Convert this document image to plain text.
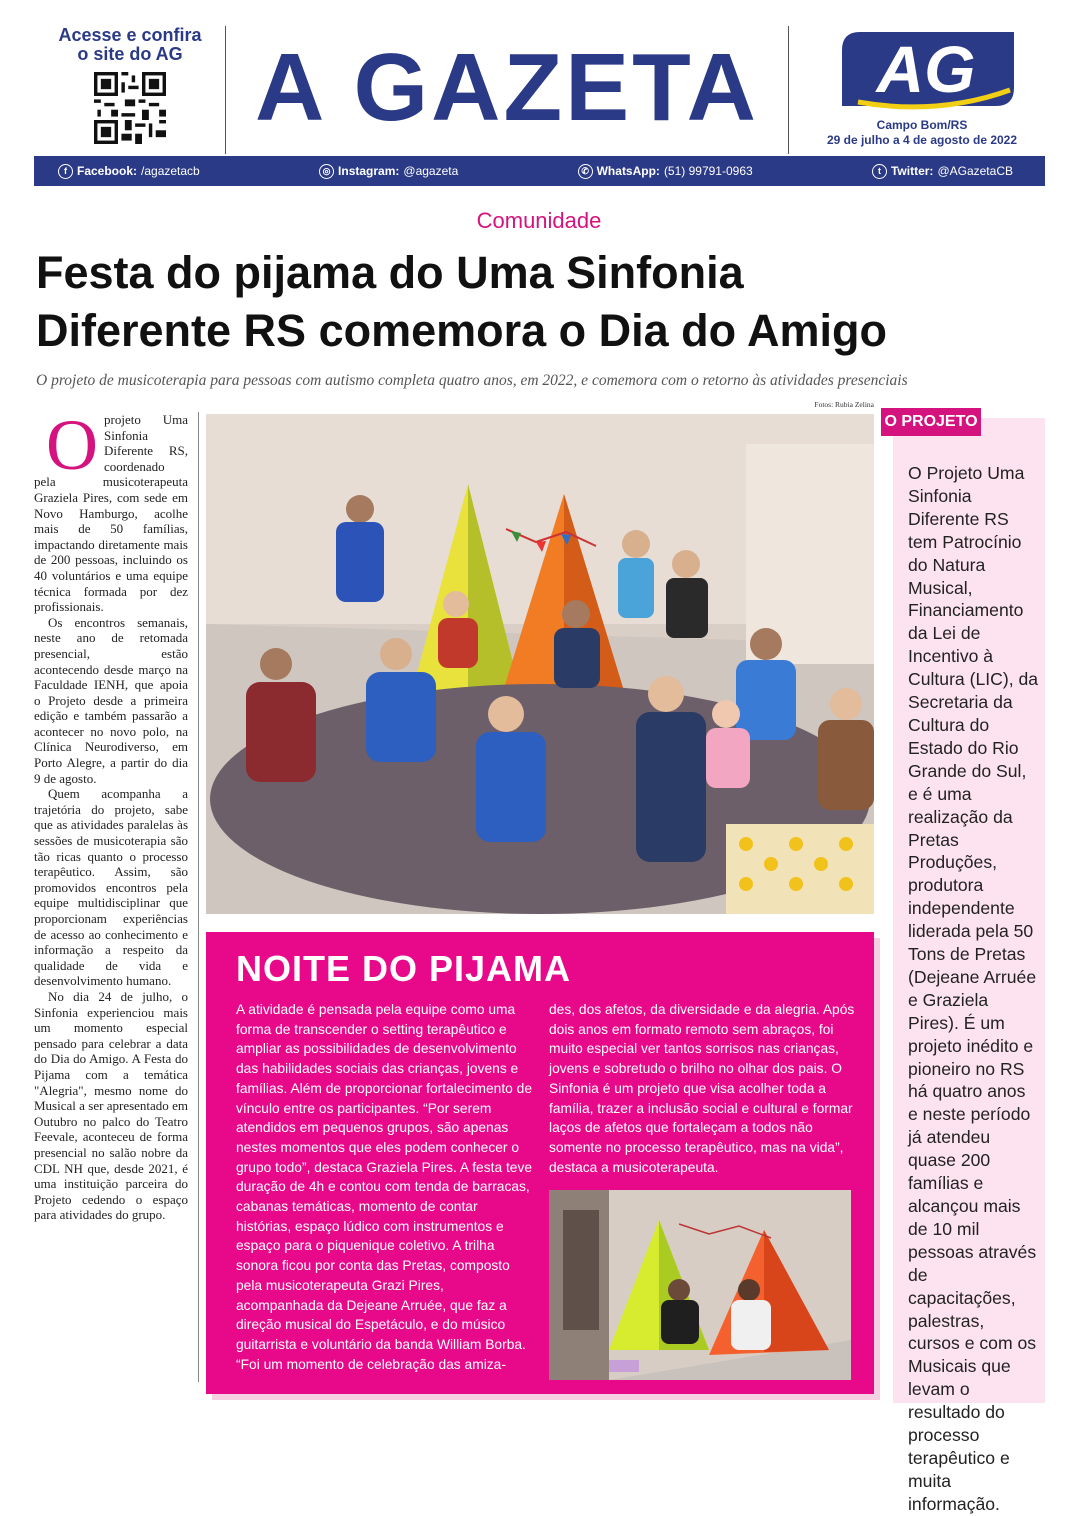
Acesse e confira
o site do AG A GAZETA	AG
Campo Bom/RS
29 de julho a 4 de agosto de 2022
f Facebook: /agazetacb	◎ Instagram: @agazeta	✆ WhatsApp: (51) 99791-0963	t Twitter: @AGazetaCB
Comunidade
Festa do pijama do Uma Sinfonia
Diferente RS comemora o Dia do Amigo
O projeto de musicoterapia para pessoas com autismo completa quatro anos, em 2022, e comemora com o retorno às atividades presenciais
Fotos: Rubia Zelina

Oprojeto Uma Sinfonia Diferente RS, coordenado pela musicoterapeuta Graziela Pires, com sede em Novo Hamburgo, acolhe mais de 50 famílias, impactando diretamente mais de 200 pessoas, incluindo os 40 voluntários e uma equipe técnica formada por dez profissionais.

Os encontros semanais, neste ano de retomada presencial, estão acontecendo desde março na Faculdade IENH, que apoia o Projeto desde a primeira edição e também passarão a acontecer no novo polo, na Clínica Neurodiverso, em Porto Alegre, a partir do dia 9 de agosto.

Quem acompanha a trajetória do projeto, sabe que as atividades paralelas às sessões de musicoterapia são tão ricas quanto o processo terapêutico. Assim, são promovidos encontros pela equipe multidisciplinar que proporcionam experiências de acesso ao conhecimento e informação a respeito da qualidade de vida e desenvolvimento humano.

No dia 24 de julho, o Sinfonia experienciou mais um momento especial pensado para celebrar a data do Dia do Amigo. A Festa do Pijama com a temática "Alegria", mesmo nome do Musical a ser apresentado em Outubro no palco do Teatro Feevale, aconteceu de forma presencial no salão nobre da CDL NH que, desde 2021, é uma instituição parceira do Projeto cedendo o espaço para atividades do grupo.

NOITE DO PIJAMA
A atividade é pensada pela equipe como uma forma de transcender o setting terapêutico e ampliar as possibilidades de desenvolvimento das habilidades sociais das crianças, jovens e famílias. Além de proporcionar fortalecimento de vínculo entre os participantes. “Por serem atendidos em pequenos grupos, são apenas nestes momentos que eles podem conhecer o grupo todo”, destaca Graziela Pires. A festa teve duração de 4h e contou com tenda de barracas, cabanas temáticas, momento de contar histórias, espaço lúdico com instrumentos e espaço para o piquenique coletivo. A trilha sonora ficou por conta das Pretas, composto pela musicoterapeuta Grazi Pires, acompanhada da Dejeane Arruée, que faz a direção musical do Espetáculo, e do músico guitarrista e voluntário da banda William Borba. “Foi um momento de celebração das amiza-
des, dos afetos, da diversidade e da alegria. Após dois anos em formato remoto sem abraços, foi muito especial ver tantos sorrisos nas crianças, jovens e sobretudo o brilho no olhar dos pais. O Sinfonia é um projeto que visa acolher toda a família, trazer a inclusão social e cultural e formar laços de afetos que fortaleçam a todos não somente no processo terapêutico, mas na vida”, destaca a musicoterapeuta.
O Projeto Uma Sinfonia Diferente RS tem Patrocínio do Natura Musical, Financiamento da Lei de Incentivo à Cultura (LIC), da Secretaria da Cultura do Estado do Rio Grande do Sul, e é uma realização da Pretas Produções, produtora independente liderada pela 50 Tons de Pretas (Dejeane Arruée e Graziela Pires). É um projeto inédito e pioneiro no RS há quatro anos e neste período já atendeu quase 200 famílias e alcançou mais de 10 mil pessoas através de capacitações, palestras, cursos e com os Musicais que levam o resultado do processo terapêutico e muita informação.
O PROJETO
